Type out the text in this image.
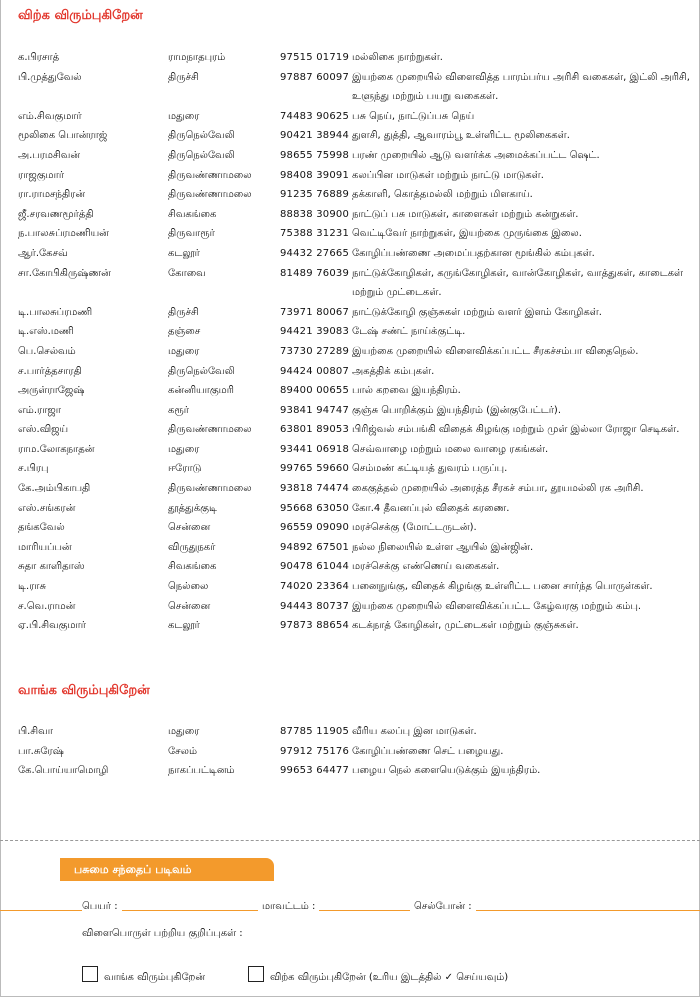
விற்க விரும்புகிறேன்
க.பிரசாத்	ராமநாதபுரம்	97515 01719 மல்லிகை நாற்றுகள்.
பி.முத்துவேல்	திருச்சி	97887 60097 இயற்கை முறையில் விளைவித்த பாரம்பர்ய அரிசி வகைகள், இட்லி அரிசி, உளுந்து மற்றும் பயறு வகைகள்.
எம்.சிவகுமார்	மதுரை	74483 90625 பசு நெய், நாட்டுப்பசு நெய்
மூலிகை பொன்ராஜ்	திருநெல்வேலி	90421 38944 துளசி, துத்தி, ஆவாரம்பூ உள்ளிட்ட மூலிகைகள்.
அ.பரமசிவன்	திருநெல்வேலி	98655 75998 பரண் முறையில் ஆடு வளர்க்க அமைக்கப்பட்ட ஷெட்.
ராஜகுமார்	திருவண்ணாமலை	98408 39091 கலப்பின மாடுகள் மற்றும் நாட்டு மாடுகள்.
ரா.ராமசந்திரன்	திருவண்ணாமலை	91235 76889 தக்காளி, கொத்தமல்லி மற்றும் மிளகாய்.
ஜீ.சரவணமூர்த்தி	சிவகங்கை	88838 30900 நாட்டுப் பசு மாடுகள், காளைகள் மற்றும் கன்றுகள்.
ந.பாலசுப்ரமணியன்	திருவாரூர்	75388 31231 வெட்டிவேர் நாற்றுகள், இயற்கை முருங்கை இலை.
ஆர்.கேசவ்	கடலூர்	94432 27665 கோழிப்பண்ணை அமைப்பதற்கான மூங்கில் கம்புகள்.
சா.கோபிகிருஷ்ணன்	கோவை	81489 76039 நாட்டுக்கோழிகள், கருங்கோழிகள், வான்கோழிகள், வாத்துகள், காடைகள் மற்றும் முட்டைகள்.
டி.பாலசுப்ரமணி	திருச்சி	73971 80067 நாட்டுக்கோழி குஞ்சுகள் மற்றும் வளர் இளம் கோழிகள்.
டி.எஸ்.மணி	தஞ்சை	94421 39083 டேஷ் சண்ட் நாய்க்குட்டி.
பெ.செல்வம்	மதுரை	73730 27289 இயற்கை முறையில் விளைவிக்கப்பட்ட சீரகச்சம்பா விதைநெல்.
ச.பார்த்தசாரதி	திருநெல்வேலி	94424 00807 அகத்திக் கம்புகள்.
அருள்ராஜேஷ்	கன்னியாகுமரி	89400 00655 பால் கறவை இயந்திரம்.
எம்.ராஜா	கரூர்	93841 94747 குஞ்சு பொறிக்கும் இயந்திரம் (இன்குபேட்டர்).
எஸ்.விஜய்	திருவண்ணாமலை	63801 89053 பிரிஜ்வல் சம்பங்கி விதைக் கிழங்கு மற்றும் முள் இல்லா ரோஜா செடிகள்.
ராம.லோகநாதன்	மதுரை	93441 06918 செவ்வாழை மற்றும் மலை வாழை ரகங்கள்.
ச.பிரபு	ஈரோடு	99765 59660 செம்மண் கட்டியத் துவரம் பருப்பு.
கே.அம்பிகாபதி	திருவண்ணாமலை	93818 74474 கைகுத்தல் முறையில் அரைத்த சீரகச் சம்பா, தூயமல்லி ரக அரிசி.
எஸ்.சங்கரன்	தூத்துக்குடி	95668 63050 கோ.4 தீவனப்புல் விதைக் கரணை.
தங்கவேல்	சென்னை	96559 09090 மரச்செக்கு (மோட்டருடன்).
மாரியப்பன்	விருதுநகர்	94892 67501 நல்ல நிலையில் உள்ள ஆயில் இன்ஜின்.
சுதா காளிதாஸ்	சிவகங்கை	90478 61044 மரச்செக்கு எண்ணெய் வகைகள்.
டி.ராசு	நெல்லை	74020 23364 பனைநுங்கு, விதைக் கிழங்கு உள்ளிட்ட பனை சார்ந்த பொருள்கள்.
ச.வெ.ராமன்	சென்னை	94443 80737 இயற்கை முறையில் விளைவிக்கப்பட்ட கேழ்வரகு மற்றும் கம்பு.
ஏ.பி.சிவகுமார்	கடலூர்	97873 88654 கடக்நாத் கோழிகள், முட்டைகள் மற்றும் குஞ்சுகள்.
வாங்க விரும்புகிறேன்
பி.சிவா	மதுரை	87785 11905 வீரிய கலப்பு இன மாடுகள்.
பா.சுரேஷ்	சேலம்	97912 75176 கோழிப்பண்ணை செட் பழையது.
கே.பொய்யாமொழி	நாகப்பட்டினம்	99653 64477 பழைய நெல் களையெடுக்கும் இயந்திரம்.
பசுமை சந்தைப் படிவம்
பெயர் :	மாவட்டம் :	செல்போன் :
விளைபொருள் பற்றிய குறிப்புகள் :
வாங்க விரும்புகிறேன்	விற்க விரும்புகிறேன் (உரிய இடத்தில் ✓ செய்யவும்)
